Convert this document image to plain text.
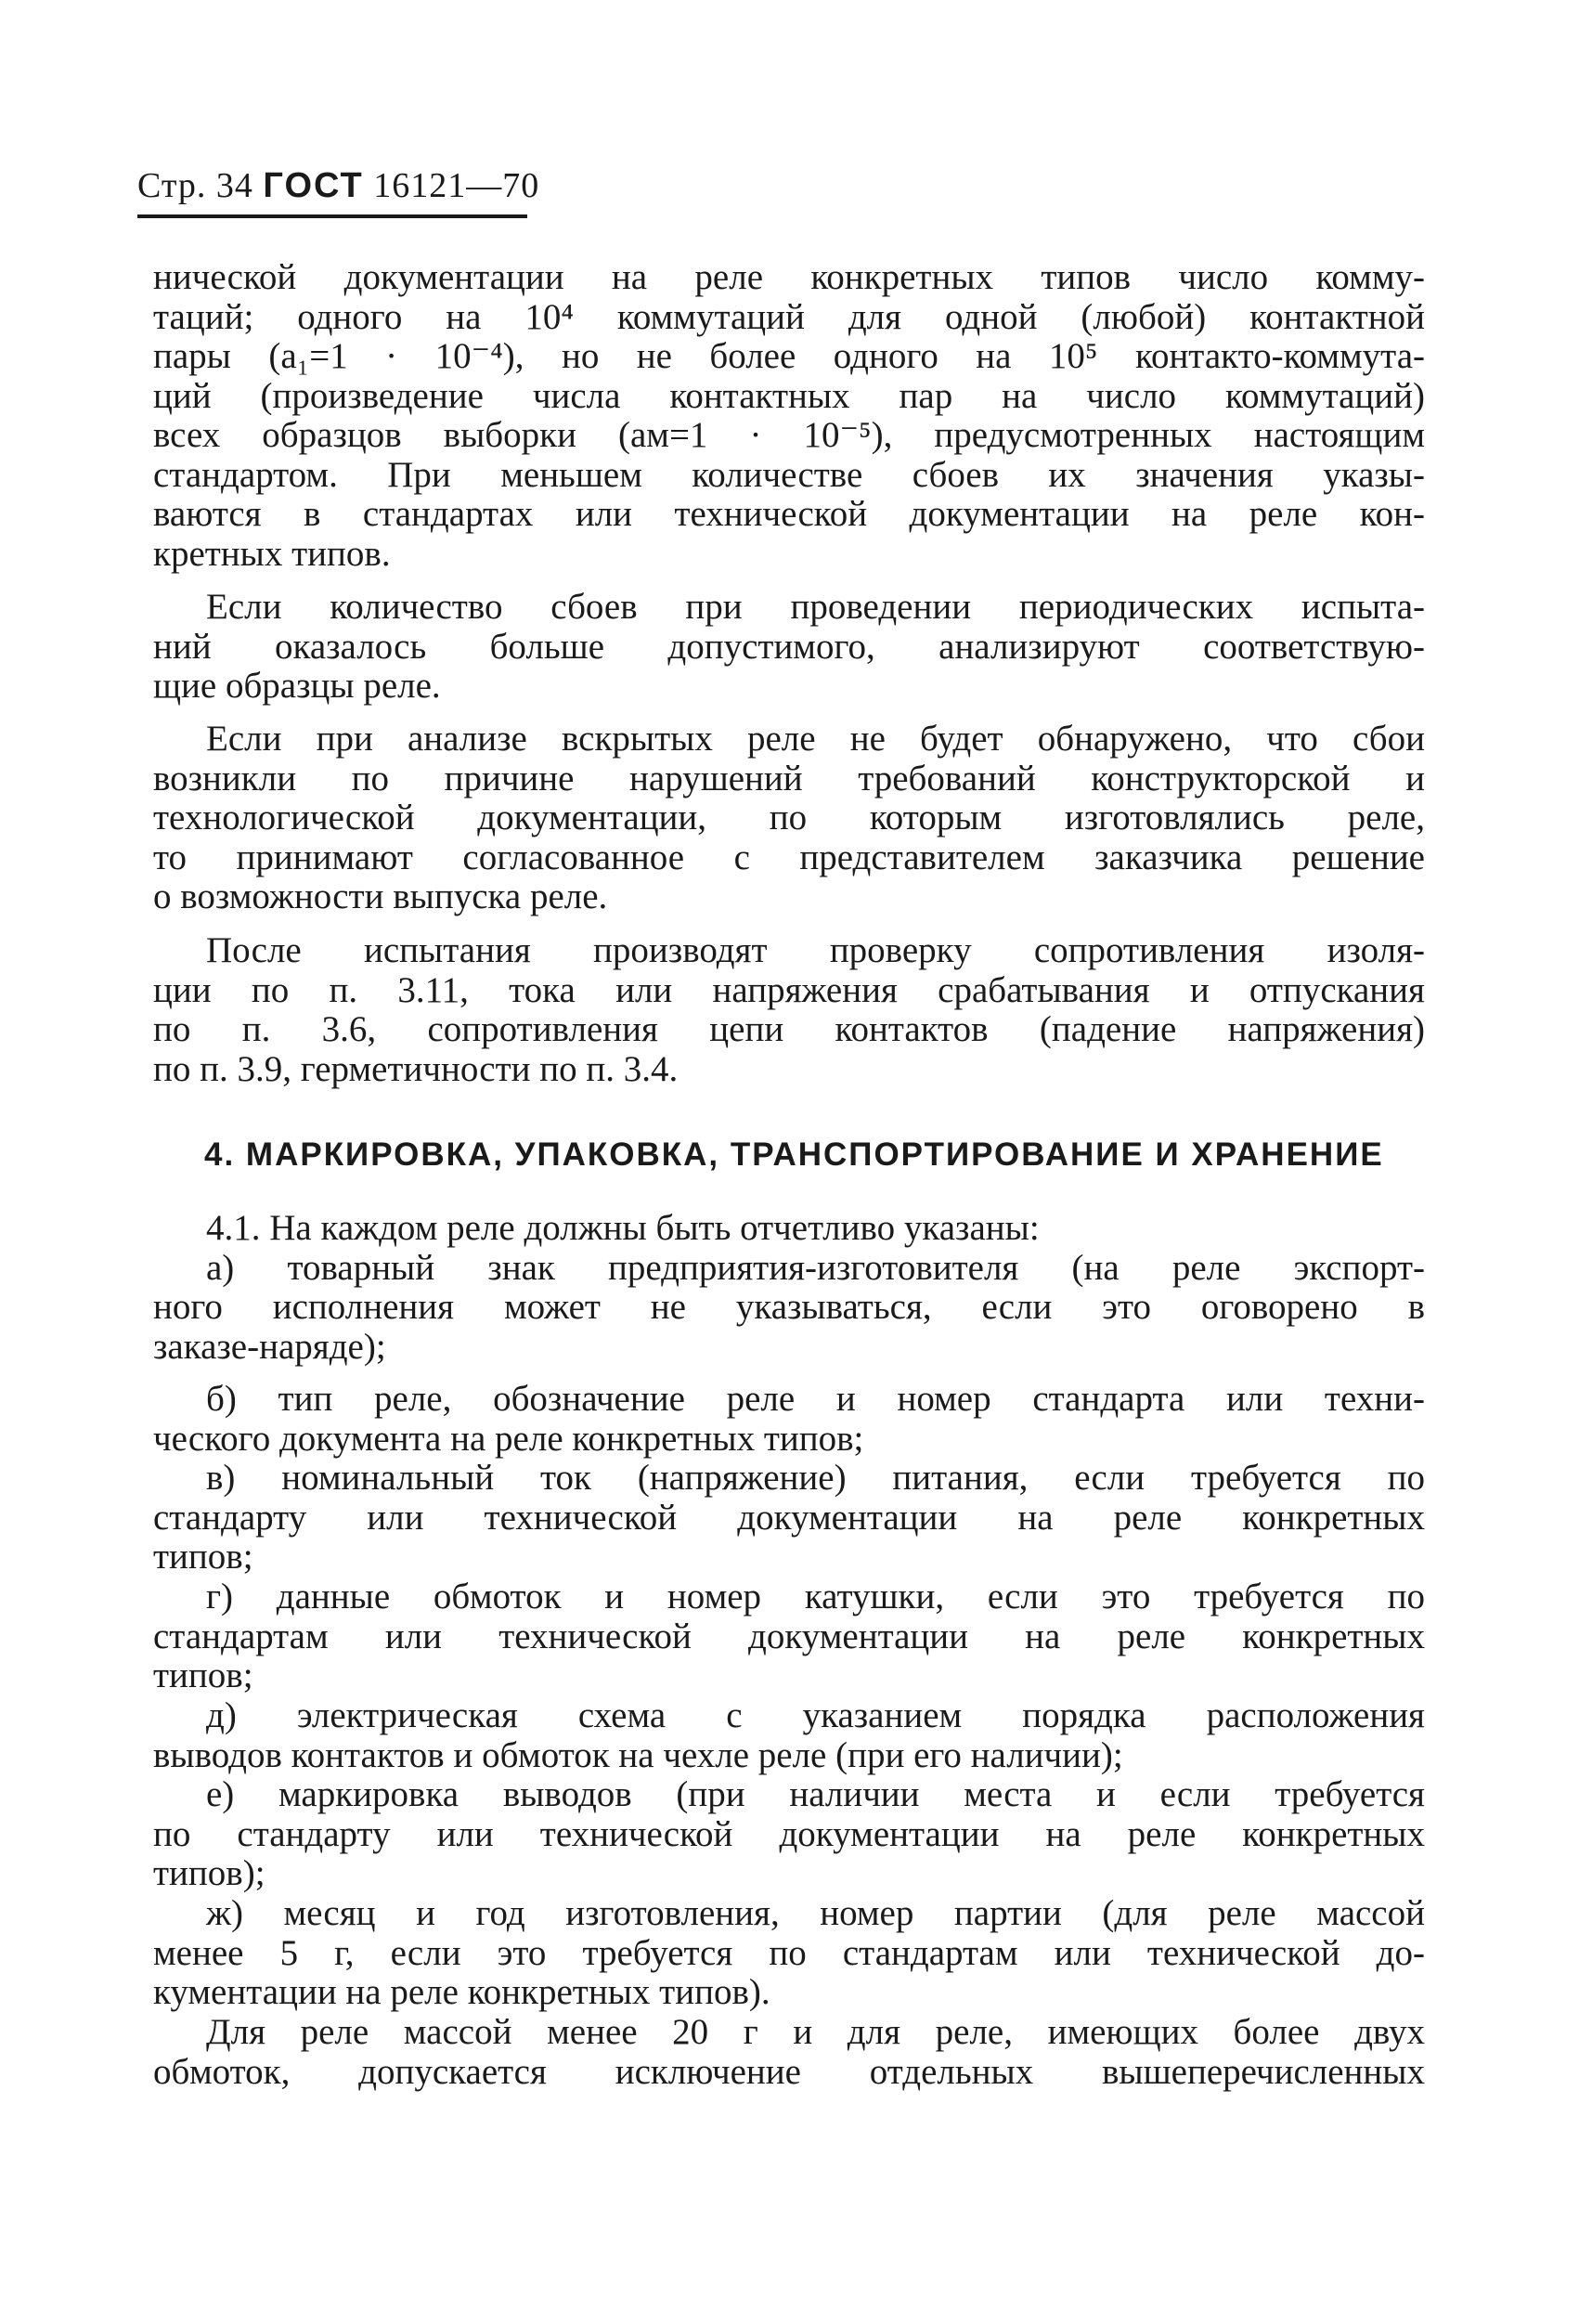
Стр. 34 ГОСТ 16121—70
нической документации на реле конкретных типов число комму-
таций; одного на 10⁴ коммутаций для одной (любой) контактной
пары (a₁=1 · 10⁻⁴), но не более одного на 10⁵ контакто-коммута-
ций (произведение числа контактных пар на число коммутаций)
всех образцов выборки (aм=1 · 10⁻⁵), предусмотренных настоящим
стандартом. При меньшем количестве сбоев их значения указы-
ваются в стандартах или технической документации на реле кон-
кретных типов.
Если количество сбоев при проведении периодических испыта-
ний оказалось больше допустимого, анализируют соответствую-
щие образцы реле.
Если при анализе вскрытых реле не будет обнаружено, что сбои
возникли по причине нарушений требований конструкторской и
технологической документации, по которым изготовлялись реле,
то принимают согласованное с представителем заказчика решение
о возможности выпуска реле.
После испытания производят проверку сопротивления изоля-
ции по п. 3.11, тока или напряжения срабатывания и отпускания
по п. 3.6, сопротивления цепи контактов (падение напряжения)
по п. 3.9, герметичности по п. 3.4.
4. МАРКИРОВКА, УПАКОВКА, ТРАНСПОРТИРОВАНИЕ И ХРАНЕНИЕ
4.1. На каждом реле должны быть отчетливо указаны:
а) товарный знак предприятия-изготовителя (на реле экспорт-
ного исполнения может не указываться, если это оговорено в
заказе-наряде);
б) тип реле, обозначение реле и номер стандарта или техни-
ческого документа на реле конкретных типов;
в) номинальный ток (напряжение) питания, если требуется по
стандарту или технической документации на реле конкретных
типов;
г) данные обмоток и номер катушки, если это требуется по
стандартам или технической документации на реле конкретных
типов;
д) электрическая схема с указанием порядка расположения
выводов контактов и обмоток на чехле реле (при его наличии);
е) маркировка выводов (при наличии места и если требуется
по стандарту или технической документации на реле конкретных
типов);
ж) месяц и год изготовления, номер партии (для реле массой
менее 5 г, если это требуется по стандартам или технической до-
кументации на реле конкретных типов).
Для реле массой менее 20 г и для реле, имеющих более двух
обмоток, допускается исключение отдельных вышеперечисленных
